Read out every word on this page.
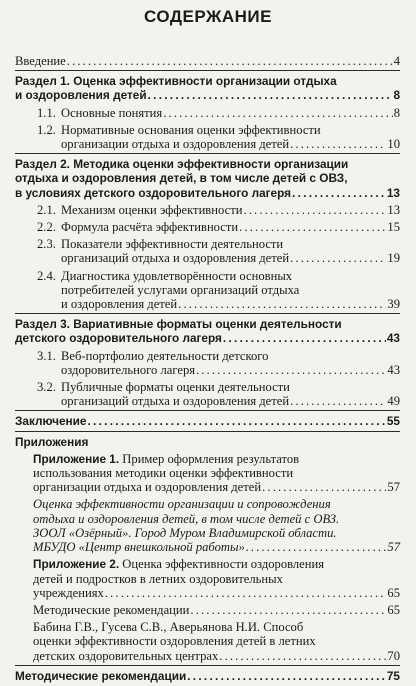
СОДЕРЖАНИЕ
Введение . . .	4
Раздел 1. Оценка эффективности организации отдыха
и оздоровления детей . . .	8
1.1. Основные понятия . . .	8
1.2. Нормативные основания оценки эффективности
организации отдыха и оздоровления детей . . .	10
Раздел 2. Методика оценки эффективности организации
отдыха и оздоровления детей, в том числе детей с ОВЗ,
в условиях детского оздоровительного лагеря . . .	13
2.1. Механизм оценки эффективности . . .	13
2.2. Формула расчёта эффективности . . .	15
2.3. Показатели эффективности деятельности
организаций отдыха и оздоровления детей . . .	19
2.4. Диагностика удовлетворённости основных
потребителей услугами организаций отдыха
и оздоровления детей . . .	39
Раздел 3. Вариативные форматы оценки деятельности
детского оздоровительного лагеря . . .	43
3.1. Веб-портфолио деятельности детского
оздоровительного лагеря . . .	43
3.2. Публичные форматы оценки деятельности
организаций отдыха и оздоровления детей . . .	49
Заключение . . .	55
Приложения
Приложение 1. Пример оформления результатов
использования методики оценки эффективности
организации отдыха и оздоровления детей . . .	57
Оценка эффективности организации и сопровождения
отдыха и оздоровления детей, в том числе детей с ОВЗ.
ЗООЛ «Озёрный». Город Муром Владимирской области.
МБУДО «Центр внешкольной работы» . . .	57
Приложение 2. Оценка эффективности оздоровления
детей и подростков в летних оздоровительных
учреждениях . . .	65
Методические рекомендации . . .	65
Бабина Г.В., Гусева С.В., Аверьянова Н.И. Способ
оценки эффективности оздоровления детей в летних
детских оздоровительных центрах . . .	70
Методические рекомендации . . .	75
